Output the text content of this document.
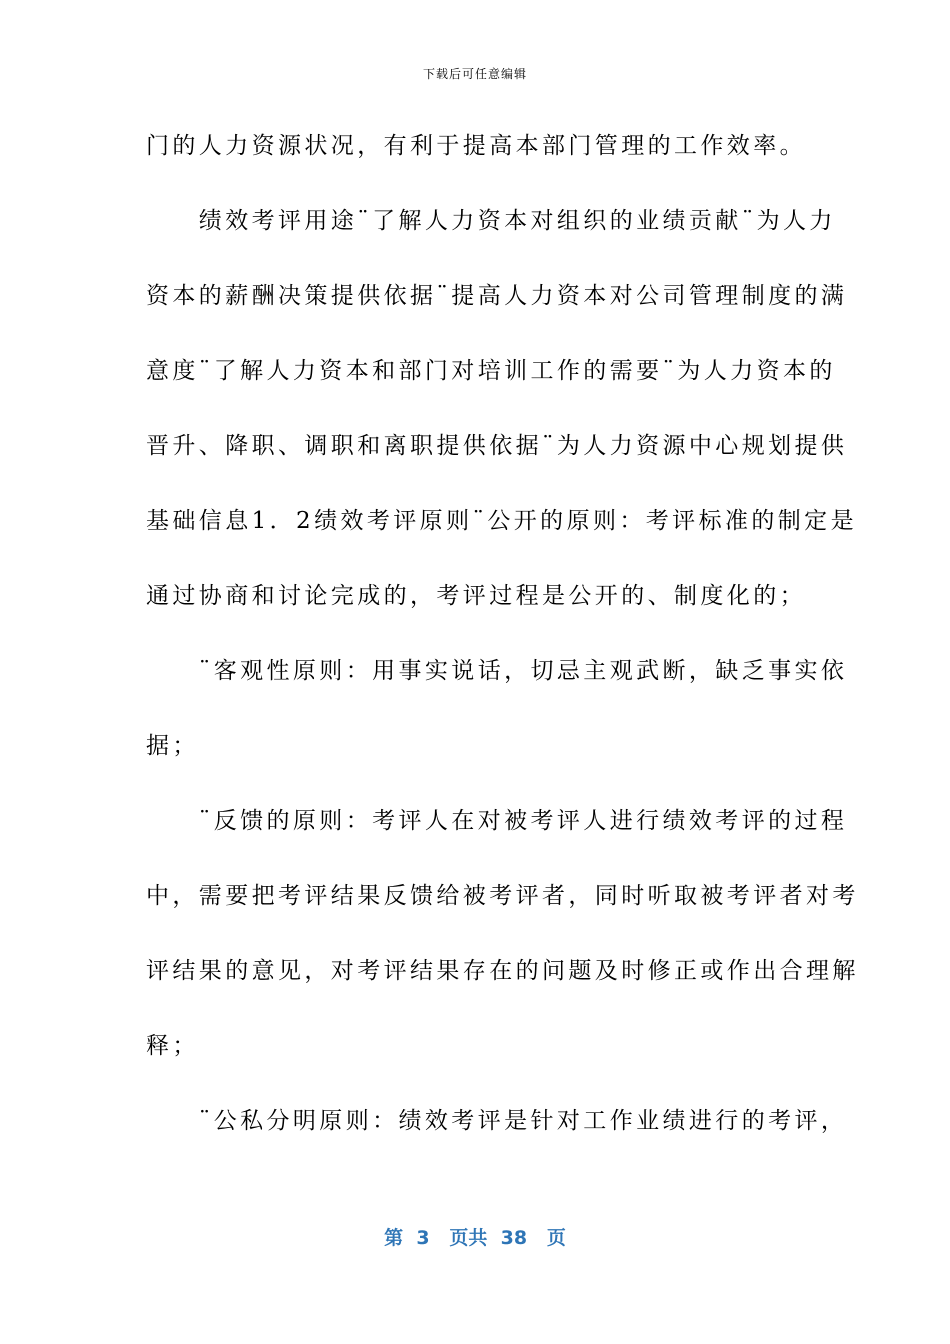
下载后可任意编辑
门的人力资源状况，有利于提高本部门管理的工作效率。
　　绩效考评用途¨了解人力资本对组织的业绩贡献¨为人力
资本的薪酬决策提供依据¨提高人力资本对公司管理制度的满
意度¨了解人力资本和部门对培训工作的需要¨为人力资本的
晋升、降职、调职和离职提供依据¨为人力资源中心规划提供
基础信息1．2绩效考评原则¨公开的原则：考评标准的制定是
通过协商和讨论完成的，考评过程是公开的、制度化的；
　　¨客观性原则：用事实说话，切忌主观武断，缺乏事实依
据；
　　¨反馈的原则：考评人在对被考评人进行绩效考评的过程
中，需要把考评结果反馈给被考评者，同时听取被考评者对考
评结果的意见，对考评结果存在的问题及时修正或作出合理解
释；
　　¨公私分明原则：绩效考评是针对工作业绩进行的考评，
第  3   页共  38   页
